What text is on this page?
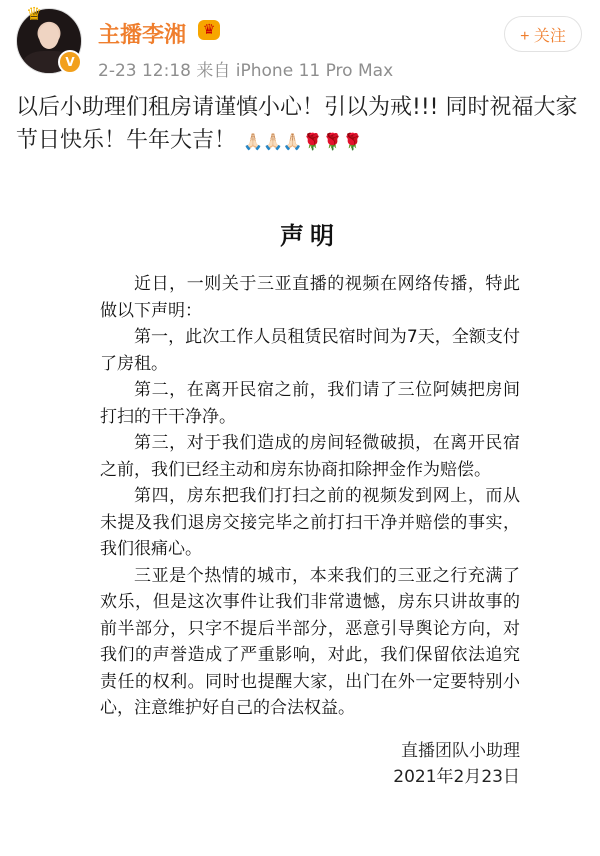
♛
V
主播李湘	♛
2-23 12:18 来自 iPhone 11 Pro Max
+ 关注
以后小助理们租房请谨慎小心！引以为戒!!! 同时祝福大家节日快乐！牛年大吉！ 🙏🏻🙏🏻🙏🏻🌹🌹🌹
声明

近日，一则关于三亚直播的视频在网络传播，特此做以下声明：

第一，此次工作人员租赁民宿时间为7天，全额支付了房租。

第二，在离开民宿之前，我们请了三位阿姨把房间打扫的干干净净。

第三，对于我们造成的房间轻微破损，在离开民宿之前，我们已经主动和房东协商扣除押金作为赔偿。

第四，房东把我们打扫之前的视频发到网上，而从未提及我们退房交接完毕之前打扫干净并赔偿的事实，我们很痛心。

三亚是个热情的城市，本来我们的三亚之行充满了欢乐，但是这次事件让我们非常遗憾，房东只讲故事的前半部分，只字不提后半部分，恶意引导舆论方向，对我们的声誉造成了严重影响，对此，我们保留依法追究责任的权利。同时也提醒大家，出门在外一定要特别小心，注意维护好自己的合法权益。

直播团队小助理
2021年2月23日
